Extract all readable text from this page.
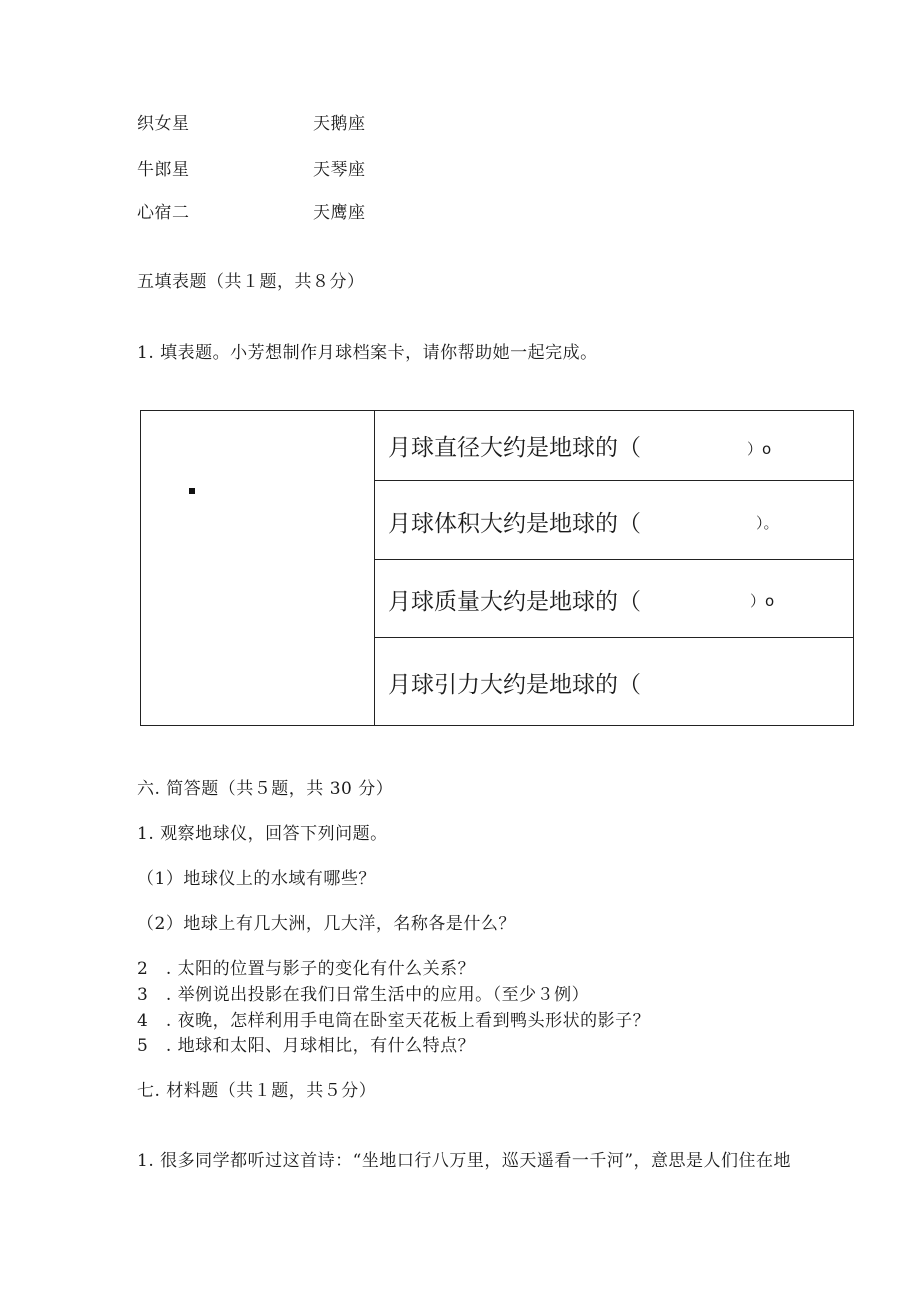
织女星	天鹅座
牛郎星	天琴座
心宿二	天鹰座
五填表题（共１题，共８分）
1. 填表题。小芳想制作月球档案卡，请你帮助她一起完成。
月球直径大约是地球的（	）o
月球体积大约是地球的（	）。
月球质量大约是地球的（	）o
月球引力大约是地球的（
六. 简答题（共５题，共 30 分）
1. 观察地球仪，回答下列问题。
（1）地球仪上的水域有哪些？
（2）地球上有几大洲，几大洋，名称各是什么？
2　. 太阳的位置与影子的变化有什么关系？
3　. 举例说出投影在我们日常生活中的应用。（至少３例）
4　. 夜晚，怎样利用手电筒在卧室天花板上看到鸭头形状的影子？
5　. 地球和太阳、月球相比，有什么特点？
七. 材料题（共１题，共５分）
1. 很多同学都听过这首诗：“坐地口行八万里，巡天遥看一千河”，意思是人们住在地
